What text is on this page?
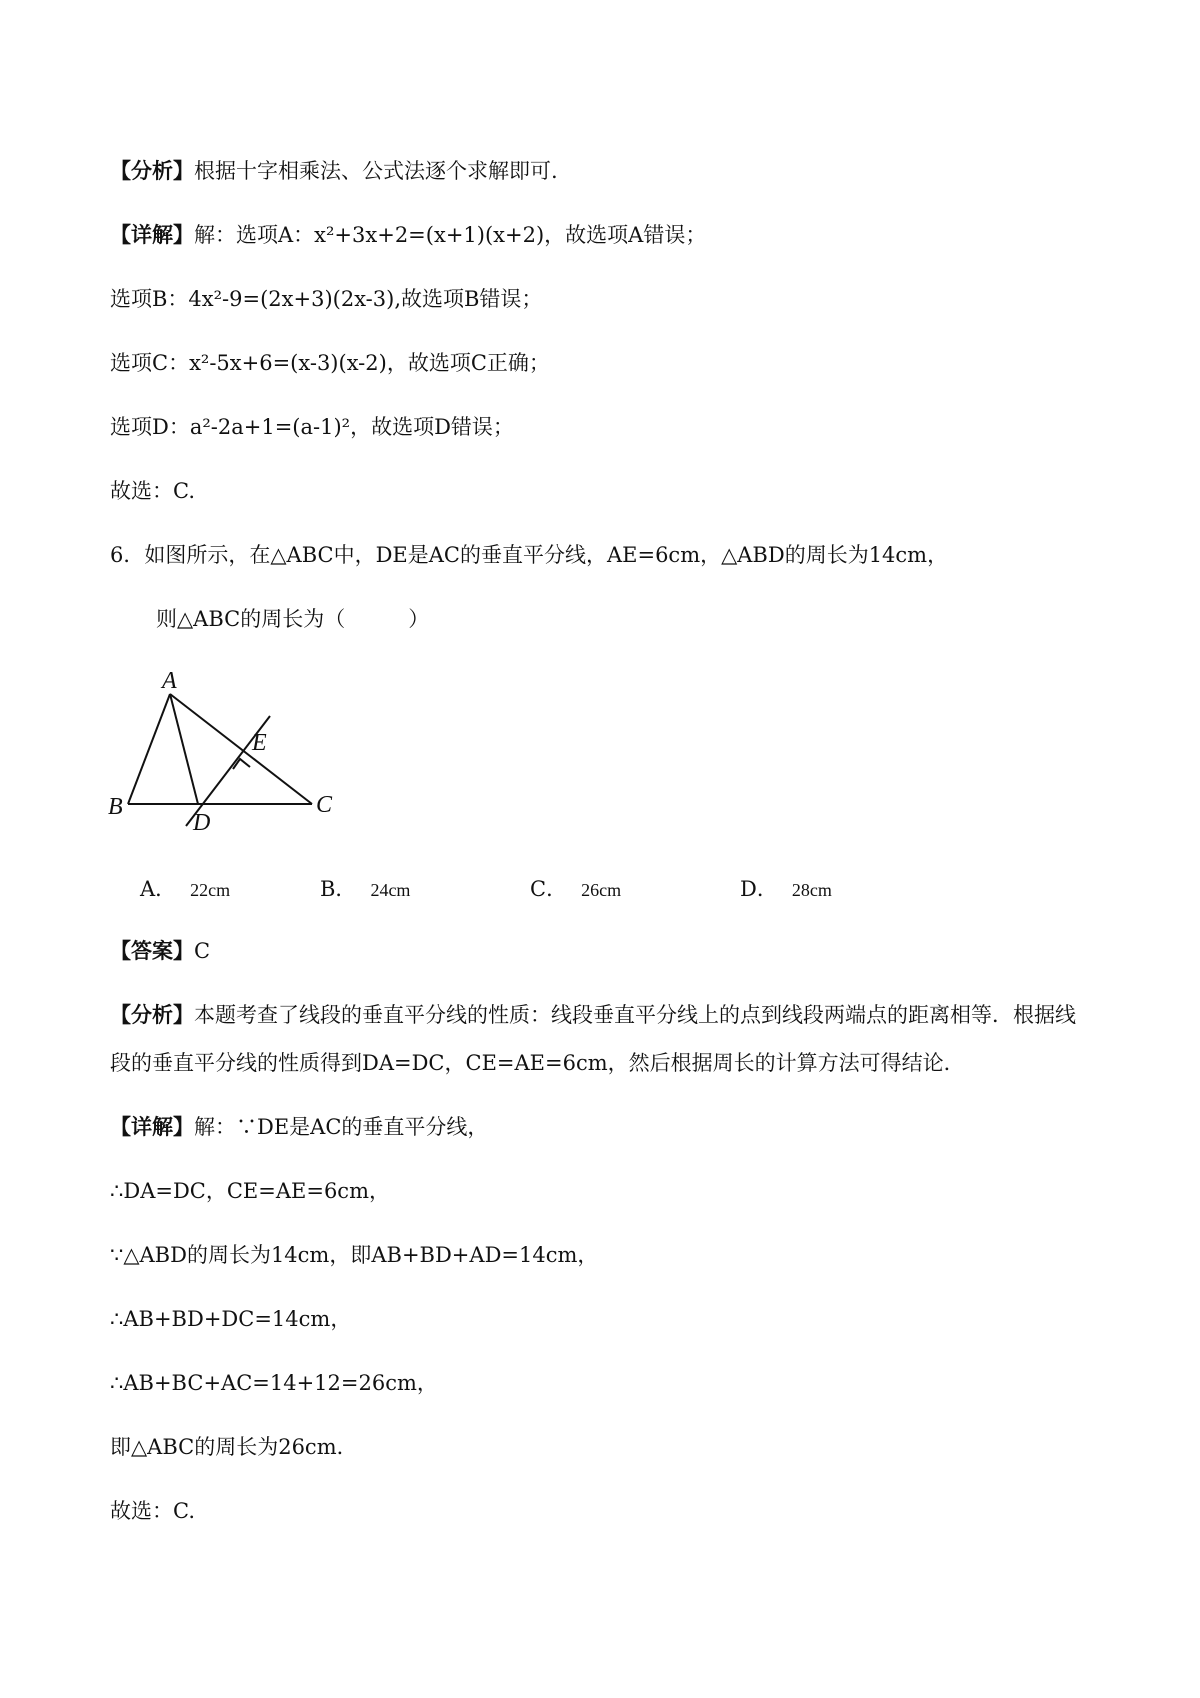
【分析】根据十字相乘法、公式法逐个求解即可.
【详解】解：选项A：x²+3x+2=(x+1)(x+2)，故选项A错误；
选项B：4x²-9=(2x+3)(2x-3),故选项B错误；
选项C：x²-5x+6=(x-3)(x-2)，故选项C正确；
选项D：a²-2a+1=(a-1)²，故选项D错误；
故选：C.
6．如图所示，在△ABC中，DE是AC的垂直平分线，AE=6cm，△ABD的周长为14cm，
则△ABC的周长为（　　　）
A
B	C
D
E
A． 22cm	B． 24cm	C． 26cm	D． 28cm
【答案】C
【分析】本题考查了线段的垂直平分线的性质：线段垂直平分线上的点到线段两端点的距离相等．根据线
段的垂直平分线的性质得到DA=DC，CE=AE=6cm，然后根据周长的计算方法可得结论．
【详解】解：∵DE是AC的垂直平分线，
∴DA=DC，CE=AE=6cm，
∵△ABD的周长为14cm，即AB+BD+AD=14cm，
∴AB+BD+DC=14cm，
∴AB+BC+AC=14+12=26cm，
即△ABC的周长为26cm．
故选：C.
